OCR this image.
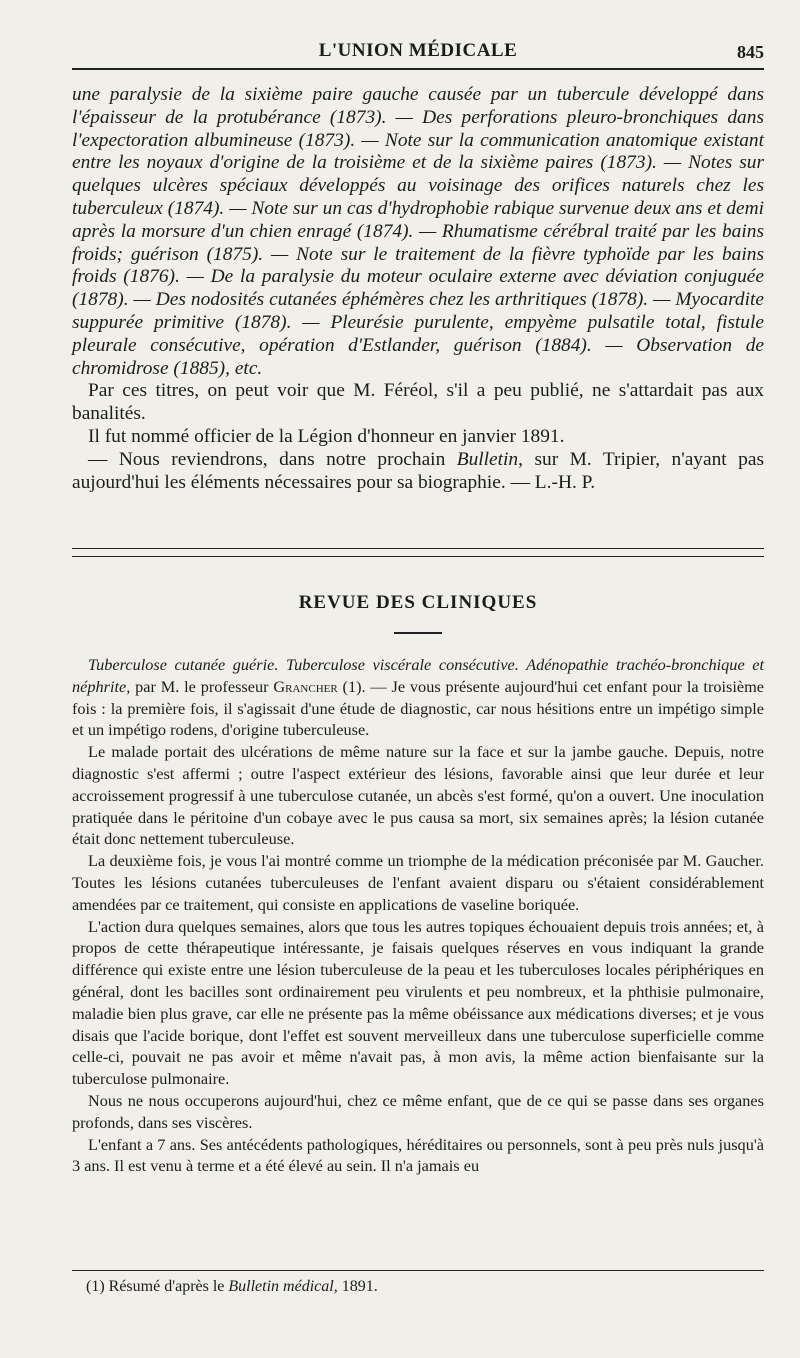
L'UNION MÉDICALE	845

une paralysie de la sixième paire gauche causée par un tubercule développé dans l'épaisseur de la protubérance (1873). — Des perforations pleuro-bronchiques dans l'expectoration albumineuse (1873). — Note sur la communication anatomique existant entre les noyaux d'origine de la troisième et de la sixième paires (1873). — Notes sur quelques ulcères spéciaux développés au voisinage des orifices naturels chez les tuberculeux (1874). — Note sur un cas d'hydrophobie rabique survenue deux ans et demi après la morsure d'un chien enragé (1874). — Rhumatisme cérébral traité par les bains froids; guérison (1875). — Note sur le traitement de la fièvre typhoïde par les bains froids (1876). — De la paralysie du moteur oculaire externe avec déviation conjuguée (1878). — Des nodosités cutanées éphémères chez les arthritiques (1878). — Myocardite suppurée primitive (1878). — Pleurésie purulente, empyème pulsatile total, fistule pleurale consécutive, opération d'Estlander, guérison (1884). — Observation de chromidrose (1885), etc.

Par ces titres, on peut voir que M. Féréol, s'il a peu publié, ne s'attardait pas aux banalités.

Il fut nommé officier de la Légion d'honneur en janvier 1891.

— Nous reviendrons, dans notre prochain Bulletin, sur M. Tripier, n'ayant pas aujourd'hui les éléments nécessaires pour sa biographie. — L.-H. P.

REVUE DES CLINIQUES

Tuberculose cutanée guérie. Tuberculose viscérale consécutive. Adénopathie trachéo-bronchique et néphrite, par M. le professeur Grancher (1). — Je vous présente aujourd'hui cet enfant pour la troisième fois : la première fois, il s'agissait d'une étude de diagnostic, car nous hésitions entre un impétigo simple et un impétigo rodens, d'origine tuberculeuse.

Le malade portait des ulcérations de même nature sur la face et sur la jambe gauche. Depuis, notre diagnostic s'est affermi ; outre l'aspect extérieur des lésions, favorable ainsi que leur durée et leur accroissement progressif à une tuberculose cutanée, un abcès s'est formé, qu'on a ouvert. Une inoculation pratiquée dans le péritoine d'un cobaye avec le pus causa sa mort, six semaines après; la lésion cutanée était donc nettement tuberculeuse.

La deuxième fois, je vous l'ai montré comme un triomphe de la médication préconisée par M. Gaucher. Toutes les lésions cutanées tuberculeuses de l'enfant avaient disparu ou s'étaient considérablement amendées par ce traitement, qui consiste en applications de vaseline boriquée.

L'action dura quelques semaines, alors que tous les autres topiques échouaient depuis trois années; et, à propos de cette thérapeutique intéressante, je faisais quelques réserves en vous indiquant la grande différence qui existe entre une lésion tuberculeuse de la peau et les tuberculoses locales périphériques en général, dont les bacilles sont ordinairement peu virulents et peu nombreux, et la phthisie pulmonaire, maladie bien plus grave, car elle ne présente pas la même obéissance aux médications diverses; et je vous disais que l'acide borique, dont l'effet est souvent merveilleux dans une tuberculose superficielle comme celle-ci, pouvait ne pas avoir et même n'avait pas, à mon avis, la même action bienfaisante sur la tuberculose pulmonaire.

Nous ne nous occuperons aujourd'hui, chez ce même enfant, que de ce qui se passe dans ses organes profonds, dans ses viscères.

L'enfant a 7 ans. Ses antécédents pathologiques, héréditaires ou personnels, sont à peu près nuls jusqu'à 3 ans. Il est venu à terme et a été élevé au sein. Il n'a jamais eu

(1) Résumé d'après le Bulletin médical, 1891.
